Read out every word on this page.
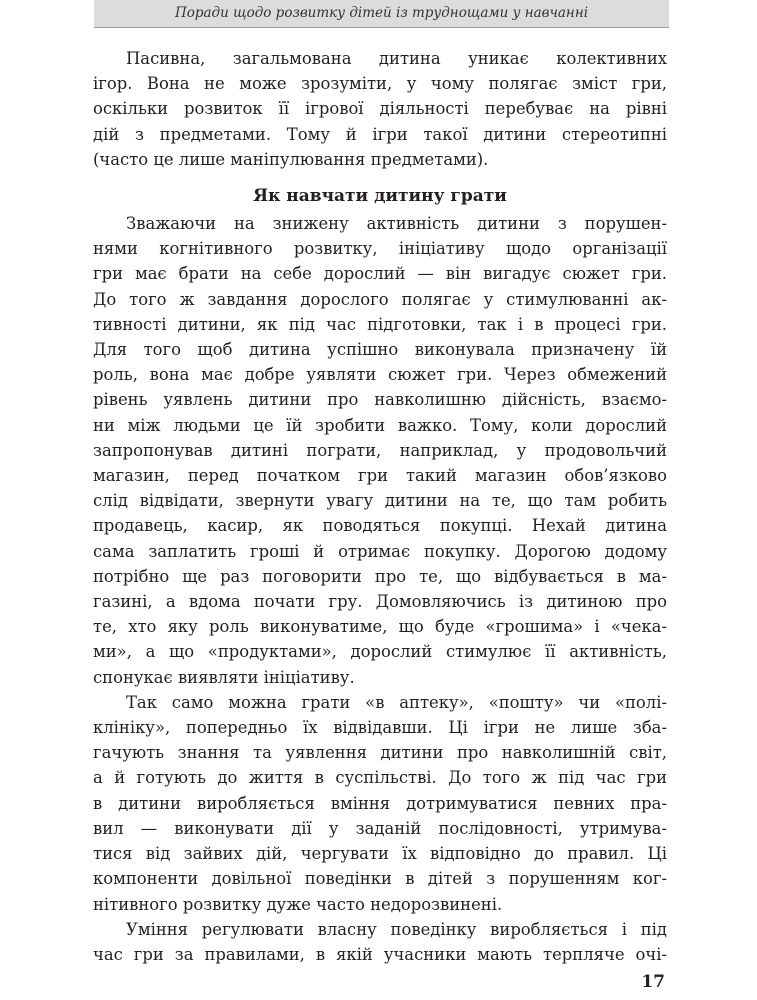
Поради щодо розвитку дітей із труднощами у навчанні
Пасивна, загальмована дитина уникає колективних
ігор. Вона не може зрозуміти, у чому полягає зміст гри,
оскільки розвиток її ігрової діяльності перебуває на рівні
дій з предметами. Тому й ігри такої дитини стереотипні
(часто це лише маніпулювання предметами).
Як навчати дитину грати
Зважаючи на знижену активність дитини з порушен-
нями когнітивного розвитку, ініціативу щодо організації
гри має брати на себе дорослий — він вигадує сюжет гри.
До того ж завдання дорослого полягає у стимулюванні ак-
тивності дитини, як під час підготовки, так і в процесі гри.
Для того щоб дитина успішно виконувала призначену їй
роль, вона має добре уявляти сюжет гри. Через обмежений
рівень уявлень дитини про навколишню дійсність, взаємо-
ни між людьми це їй зробити важко. Тому, коли дорослий
запропонував дитині пограти, наприклад, у продовольчий
магазин, перед початком гри такий магазин обов’язково
слід відвідати, звернути увагу дитини на те, що там робить
продавець, касир, як поводяться покупці. Нехай дитина
сама заплатить гроші й отримає покупку. Дорогою додому
потрібно ще раз поговорити про те, що відбувається в ма-
газині, а вдома почати гру. Домовляючись із дитиною про
те, хто яку роль виконуватиме, що буде «грошима» і «чека-
ми», а що «продуктами», дорослий стимулює її активність,
спонукає виявляти ініціативу.
Так само можна грати «в аптеку», «пошту» чи «полі-
клініку», попередньо їх відвідавши. Ці ігри не лише зба-
гачують знання та уявлення дитини про навколишній світ,
а й готують до життя в суспільстві. До того ж під час гри
в дитини виробляється вміння дотримуватися певних пра-
вил — виконувати дії у заданій послідовності, утримува-
тися від зайвих дій, чергувати їх відповідно до правил. Ці
компоненти довільної поведінки в дітей з порушенням ког-
нітивного розвитку дуже часто недорозвинені.
Уміння регулювати власну поведінку виробляється і під
час гри за правилами, в якій учасники мають терпляче очі-
17
